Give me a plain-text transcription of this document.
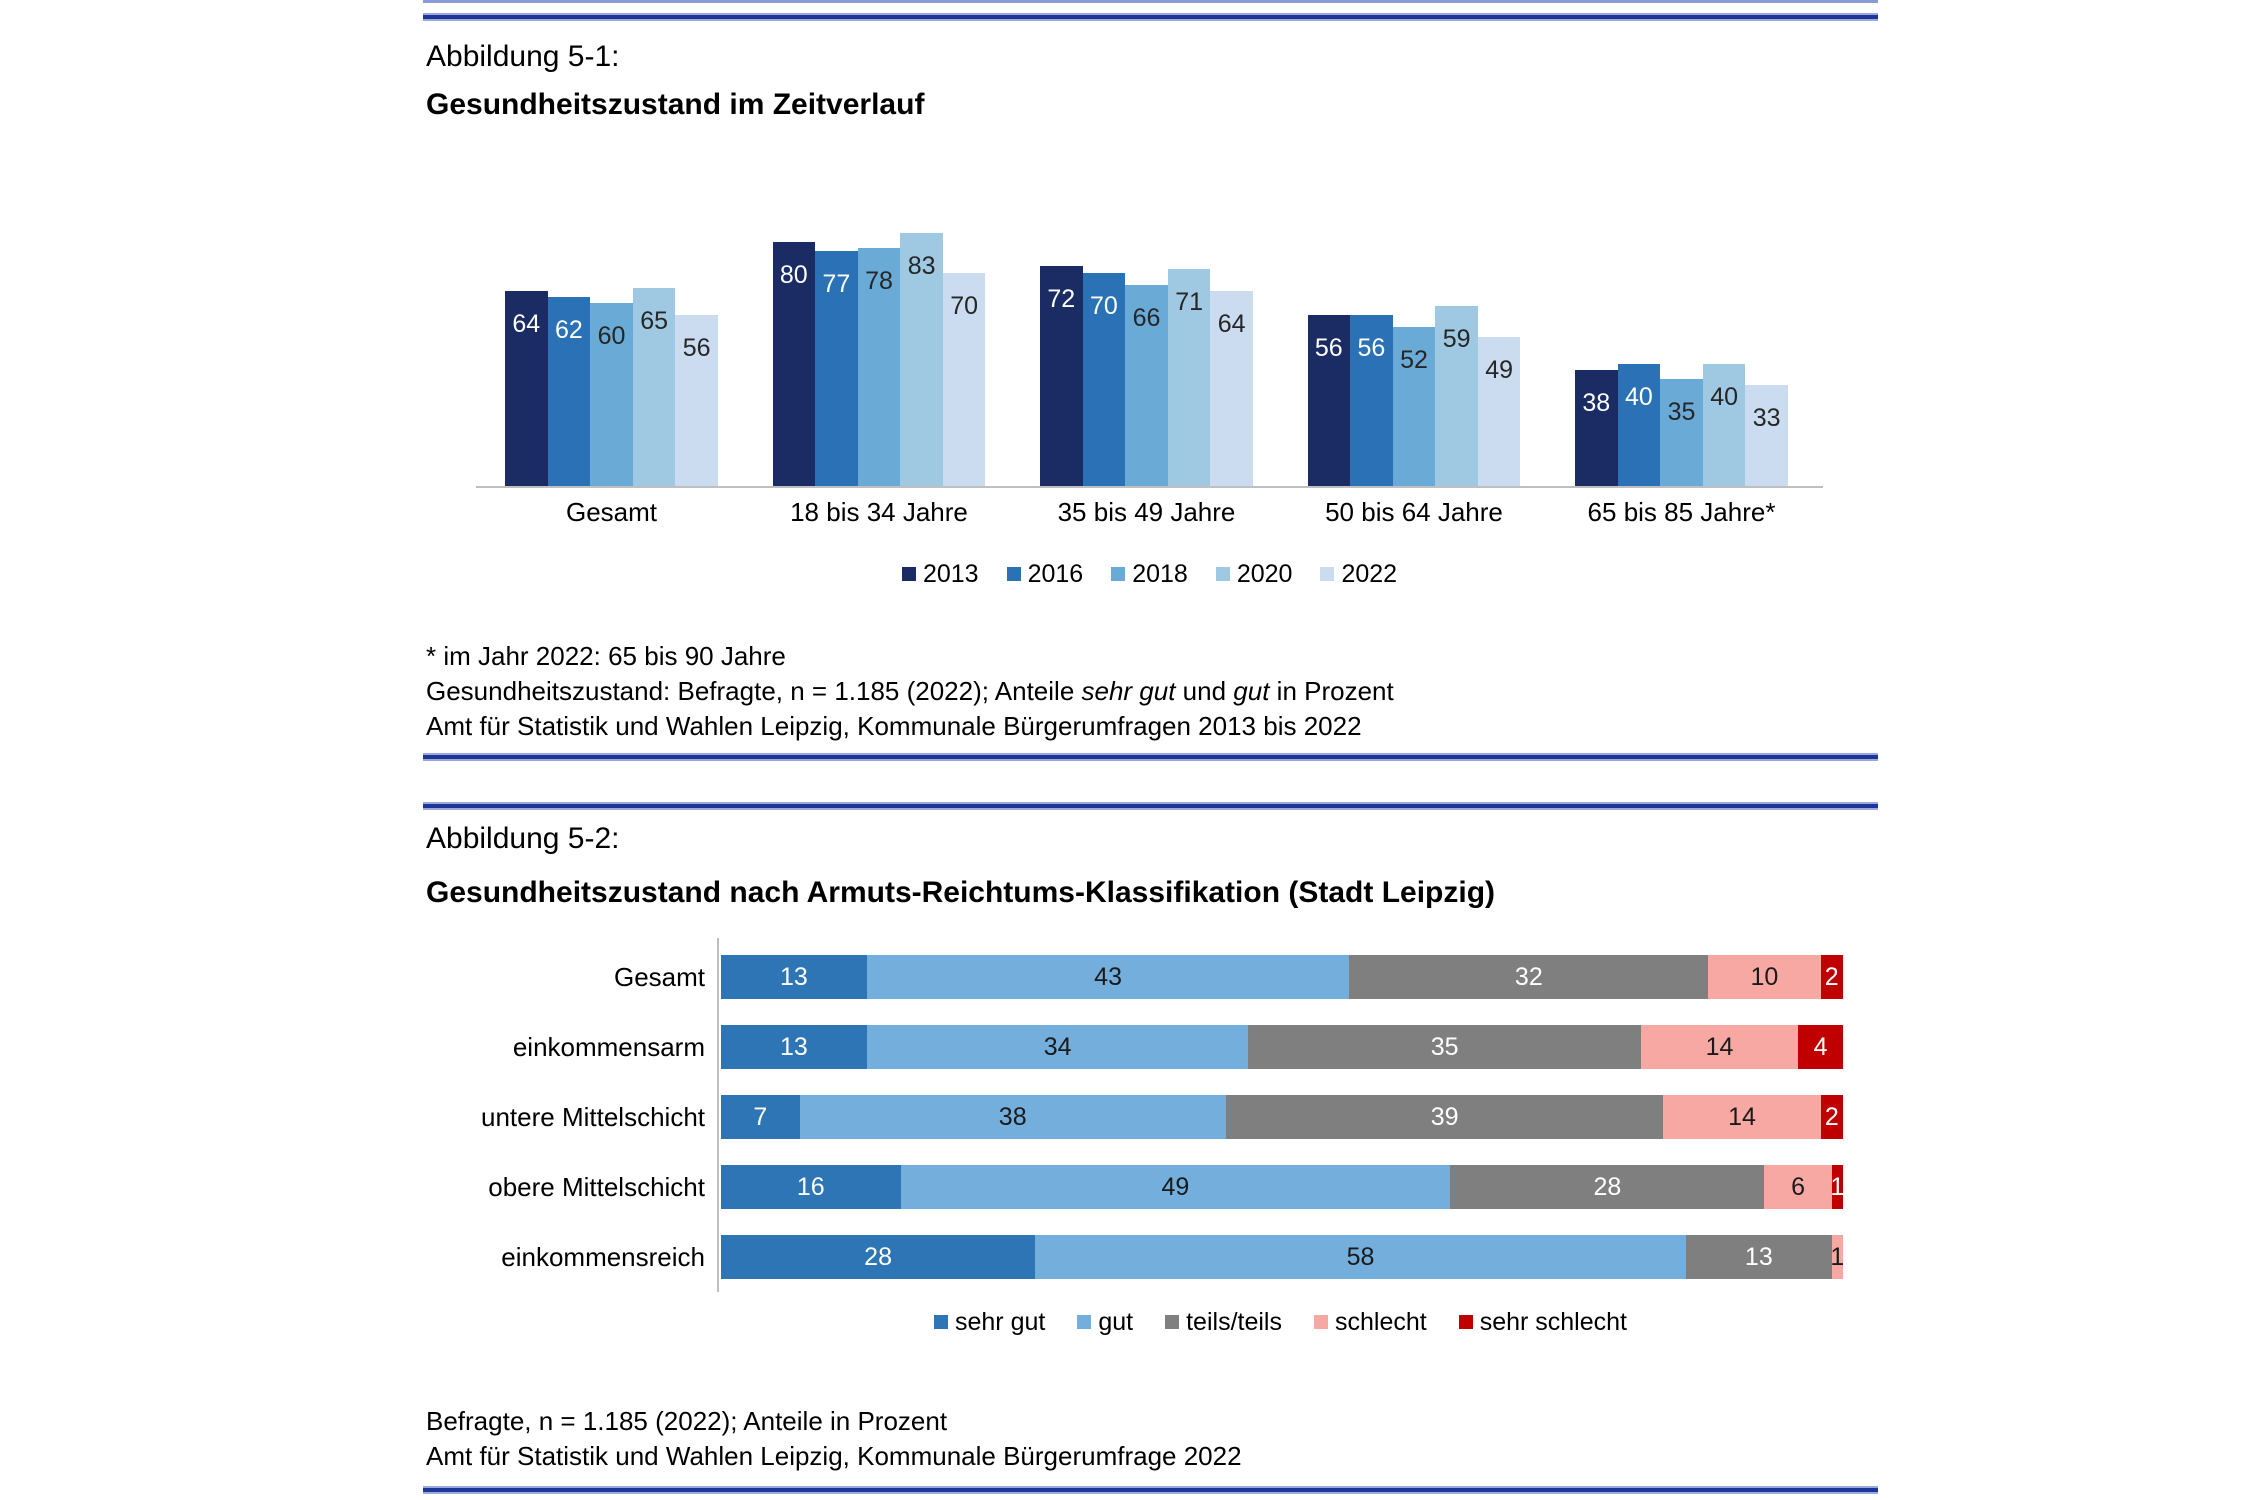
Abbildung 5-1:
Gesundheitszustand im Zeitverlauf
64 62 60
65
56
80 77 78
83
70	72 70 66
71
64
56 56 52
59
49
38 40
35
40
33
Gesamt	18 bis 34 Jahre	35 bis 49 Jahre	50 bis 64 Jahre	65 bis 85 Jahre*
2013 2016 2018 2020 2022
* im Jahr 2022: 65 bis 90 Jahre
Gesundheitszustand: Befragte, n = 1.185 (2022); Anteile sehr gut und gut in Prozent
Amt für Statistik und Wahlen Leipzig, Kommunale Bürgerumfragen 2013 bis 2022
Abbildung 5-2:
Gesundheitszustand nach Armuts-Reichtums-Klassifikation (Stadt Leipzig)
Gesamt
einkommensarm
untere Mittelschicht
obere Mittelschicht
einkommensreich
13	43	32	10 2
13	34	35	14	4
7	38	39	14	2
16	49	28	6 1
28	58	13 1
sehr gut gut teils/teils schlecht sehr schlecht
Befragte, n = 1.185 (2022); Anteile in Prozent
Amt für Statistik und Wahlen Leipzig, Kommunale Bürgerumfrage 2022
